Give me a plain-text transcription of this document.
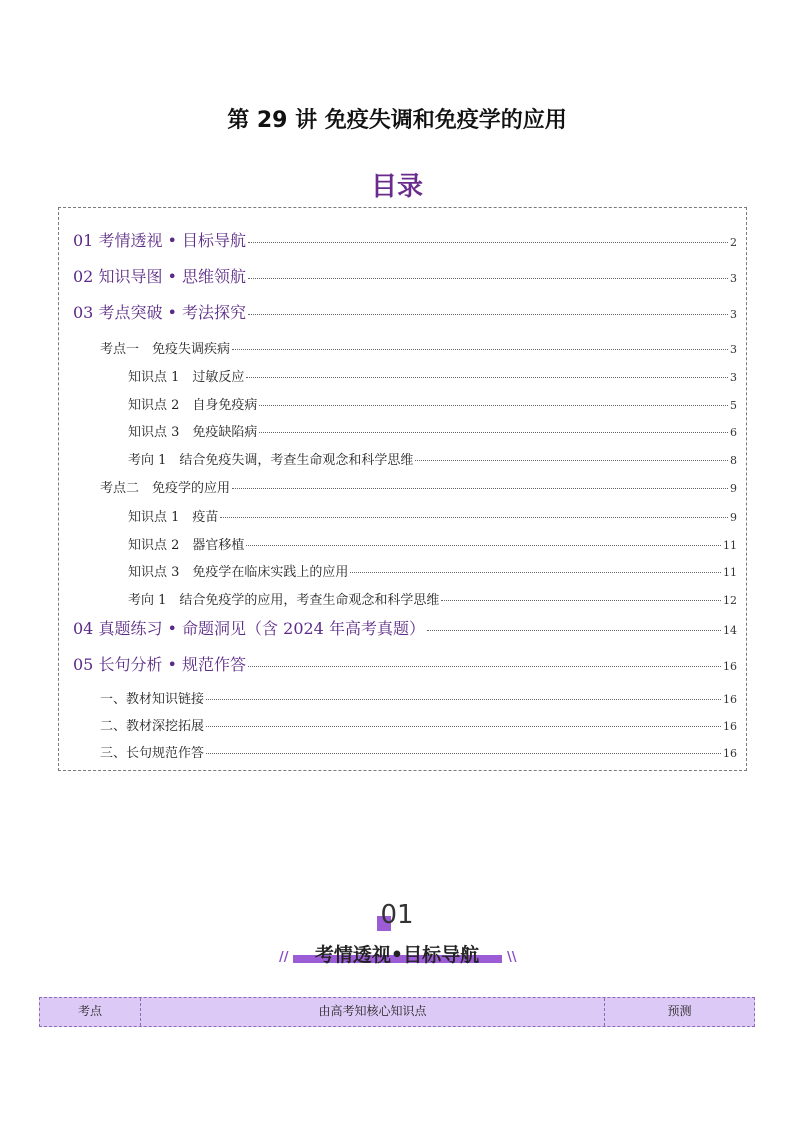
第 29 讲 免疫失调和免疫学的应用
目录
01 考情透视 • 目标导航	2
02 知识导图 • 思维领航	3
03 考点突破 • 考法探究	3
考点一　免疫失调疾病	3
知识点 1　过敏反应	3
知识点 2　自身免疫病	5
知识点 3　免疫缺陷病	6
考向 1　结合免疫失调，考查生命观念和科学思维	8
考点二　免疫学的应用	9
知识点 1　疫苗	9
知识点 2　器官移植	11
知识点 3　免疫学在临床实践上的应用	11
考向 1　结合免疫学的应用，考查生命观念和科学思维	12
04 真题练习 • 命题洞见（含 2024 年高考真题）	14
05 长句分析 • 规范作答	16
一、教材知识链接	16
二、教材深挖拓展	16
三、长句规范作答	16
01
//	\\
考情透视•目标导航
考点	由高考知核心知识点	预测
